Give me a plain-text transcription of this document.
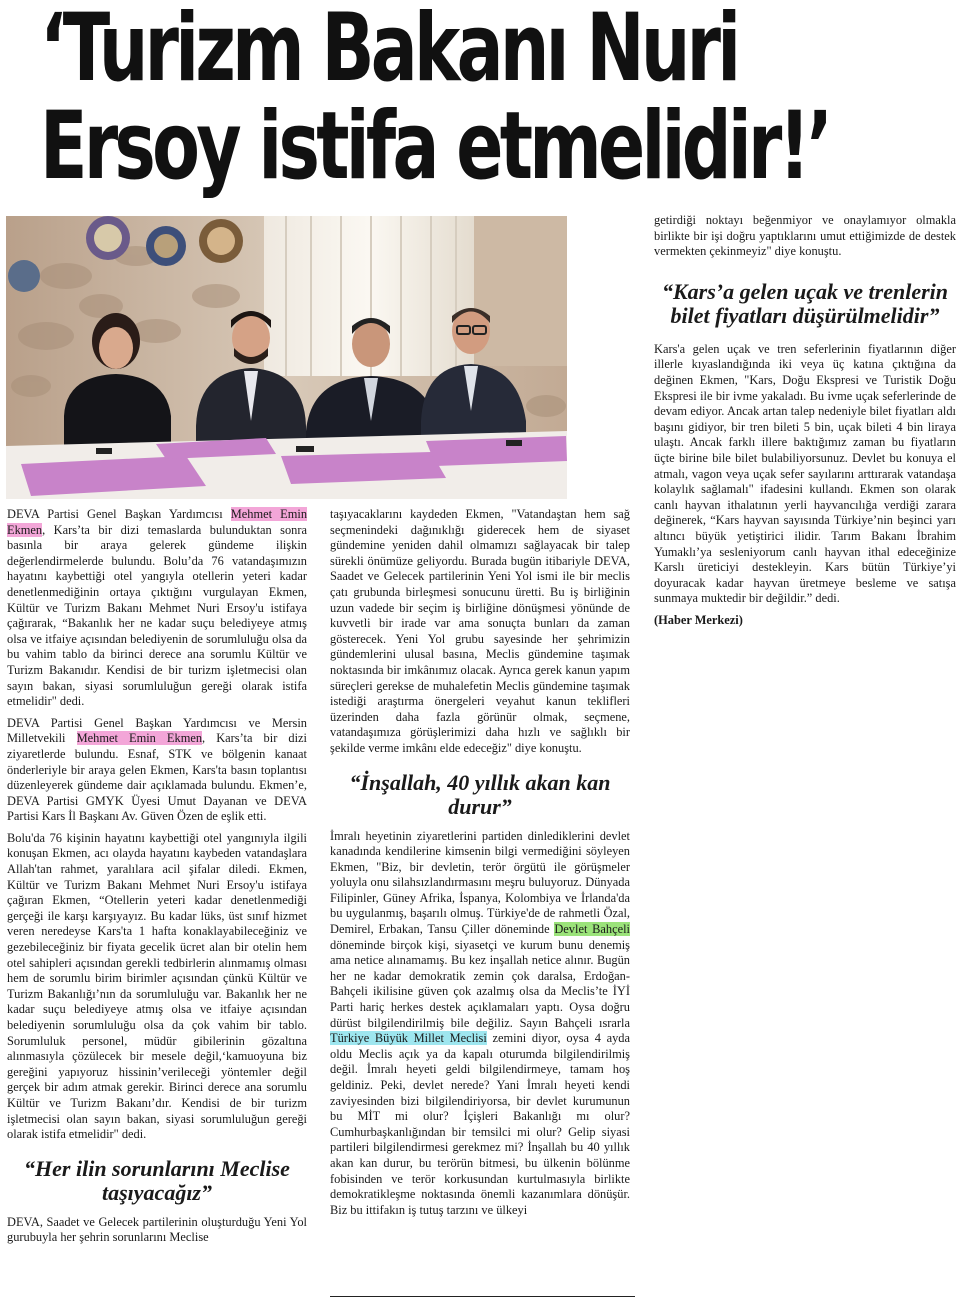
‘Turizm Bakanı Nuri
Ersoy istifa etmelidir!’

DEVA Partisi Genel Başkan Yardımcısı Mehmet Emin Ekmen, Kars’ta bir dizi temaslarda bulunduktan sonra basınla bir araya gelerek gündeme ilişkin değerlendirmelerde bulundu. Bolu’da 76 vatandaşımızın hayatını kaybettiği otel yangıyla otellerin yeteri kadar denetlenmediğinin ortaya çıktığını vurgulayan Ekmen, Kültür ve Turizm Bakanı Mehmet Nuri Ersoy'u istifaya çağırarak, “Bakanlık her ne kadar suçu belediyeye atmış olsa ve itfaiye açısından belediyenin de sorumluluğu olsa da bu vahim tablo da birinci derece ana sorumlu Kültür ve Turizm Bakanıdır. Kendisi de bir turizm işletmecisi olan sayın bakan, siyasi sorumluluğun gereği olarak istifa etmelidir" dedi.

DEVA Partisi Genel Başkan Yardımcısı ve Mersin Milletvekili Mehmet Emin Ekmen, Kars’ta bir dizi ziyaretlerde bulundu. Esnaf, STK ve bölgenin kanaat önderleriyle bir araya gelen Ekmen, Kars'ta basın toplantısı düzenleyerek gündeme dair açıklamada bulundu. Ekmen’e, DEVA Partisi GMYK Üyesi Umut Dayanan ve DEVA Partisi Kars İl Başkanı Av. Güven Özen de eşlik etti.

Bolu'da 76 kişinin hayatını kaybettiği otel yangınıyla ilgili konuşan Ekmen, acı olayda hayatını kaybeden vatandaşlara Allah'tan rahmet, yaralılara acil şifalar diledi. Ekmen, Kültür ve Turizm Bakanı Mehmet Nuri Ersoy'u istifaya çağıran Ekmen, “Otellerin yeteri kadar denetlenmediği gerçeği ile karşı karşıyayız. Bu kadar lüks, üst sınıf hizmet veren neredeyse Kars'ta 1 hafta konaklayabileceğiniz ve gezebileceğiniz bir fiyata gecelik ücret alan bir otelin hem otel sahipleri açısından gerekli tedbirlerin alınmamış olması hem de sorumlu birim birimler açısından çünkü Kültür ve Turizm Bakanlığı’nın da sorumluluğu var. Bakanlık her ne kadar suçu belediyeye atmış olsa ve itfaiye açısından belediyenin sorumluluğu olsa da çok vahim bir tablo. Sorumluluk personel, müdür gibilerinin gözaltına alınmasıyla çözülecek bir mesele değil,‘kamuoyuna biz gereğini yapıyoruz hissinin’verileceği yöntemler değil gerçek bir adım atmak gerekir. Birinci derece ana sorumlu Kültür ve Turizm Bakanı’dır. Kendisi de bir turizm işletmecisi olan sayın bakan, siyasi sorumluluğun gereği olarak istifa etmelidir" dedi.

“Her ilin sorunlarını Meclise taşıyacağız”

DEVA, Saadet ve Gelecek partilerinin oluşturduğu Yeni Yol gurubuyla her şehrin sorunlarını Meclise

taşıyacaklarını kaydeden Ekmen, "Vatandaştan hem sağ seçmenindeki dağınıklığı giderecek hem de siyaset gündemine yeniden dahil olmamızı sağlayacak bir talep sürekli önümüze geliyordu. Burada bugün itibariyle DEVA, Saadet ve Gelecek partilerinin Yeni Yol ismi ile bir meclis çatı grubunda birleşmesi sonucunu üretti. Bu iş birliğinin uzun vadede bir seçim iş birliğine dönüşmesi yönünde de kuvvetli bir irade var ama sonuçta bunları da zaman gösterecek. Yeni Yol grubu sayesinde her şehrimizin gündemlerini ulusal basına, Meclis gündemine taşımak noktasında bir imkânımız olacak. Ayrıca gerek kanun yapım süreçleri gerekse de muhalefetin Meclis gündemine taşımak istediği araştırma önergeleri veyahut kanun teklifleri üzerinden daha fazla görünür olmak, seçmene, vatandaşımıza görüşlerimizi daha hızlı ve sağlıklı bir şekilde verme imkânı elde edeceğiz" diye konuştu.

“İnşallah, 40 yıllık akan kan durur”

İmralı heyetinin ziyaretlerini partiden dinlediklerini devlet kanadında kendilerine kimsenin bilgi vermediğini söyleyen Ekmen, "Biz, bir devletin, terör örgütü ile görüşmeler yoluyla onu silahsızlandırmasını meşru buluyoruz. Dünyada Filipinler, Güney Afrika, İspanya, Kolombiya ve İrlanda'da bu uygulanmış, başarılı olmuş. Türkiye'de de rahmetli Özal, Demirel, Erbakan, Tansu Çiller döneminde Devlet Bahçeli döneminde birçok kişi, siyasetçi ve kurum bunu denemiş ama netice alınamamış. Bu kez inşallah netice alınır. Bugün her ne kadar demokratik zemin çok daralsa, Erdoğan-Bahçeli ikilisine güven çok azalmış olsa da Meclis’te İYİ Parti hariç herkes destek açıklamaları yaptı. Oysa doğru dürüst bilgilendirilmiş bile değiliz. Sayın Bahçeli ısrarla Türkiye Büyük Millet Meclisi zemini diyor, oysa 4 ayda oldu Meclis açık ya da kapalı oturumda bilgilendirilmiş değil. İmralı heyeti geldi bilgilendirmeye, tamam hoş geldiniz. Peki, devlet nerede? Yani İmralı heyeti kendi zaviyesinden bizi bilgilendiriyorsa, bir devlet kurumunun bu MİT mi olur? İçişleri Bakanlığı mı olur? Cumhurbaşkanlığından bir temsilci mi olur? Gelip siyasi partileri bilgilendirmesi gerekmez mi? İnşallah bu 40 yıllık akan kan durur, bu terörün bitmesi, bu ülkenin bölünme fobisinden ve terör korkusundan kurtulmasıyla birlikte demokratikleşme noktasında önemli kazanımlara dönüşür. Biz bu ittifakın iş tutuş tarzını ve ülkeyi

getirdiği noktayı beğenmiyor ve onaylamıyor olmakla birlikte bir işi doğru yaptıklarını umut ettiğimizde de destek vermekten çekinmeyiz" diye konuştu.

“Kars’a gelen uçak ve trenlerin bilet fiyatları düşürülmelidir”

Kars'a gelen uçak ve tren seferlerinin fiyatlarının diğer illerle kıyaslandığında iki veya üç katına çıktığına da değinen Ekmen, "Kars, Doğu Ekspresi ve Turistik Doğu Ekspresi ile bir ivme yakaladı. Bu ivme uçak seferlerinde de devam ediyor. Ancak artan talep nedeniyle bilet fiyatları aldı başını gidiyor, bir tren bileti 5 bin, uçak bileti 4 bin liraya ulaştı. Ancak farklı illere baktığımız zaman bu fiyatların üçte birine bile bilet bulabiliyorsunuz. Devlet bu konuya el atmalı, vagon veya uçak sefer sayılarını arttırarak vatandaşa kolaylık sağlamalı" ifadesini kullandı. Ekmen son olarak canlı hayvan ithalatının yerli hayvancılığa verdiği zarara değinerek, “Kars hayvan sayısında Türkiye’nin beşinci yarı altıncı büyük yetiştirici ilidir. Tarım Bakanı İbrahim Yumaklı’ya sesleniyorum canlı hayvan ithal edeceğinize Karslı üreticiyi destekleyin. Kars bütün Türkiye’yi doyuracak kadar hayvan üretmeye besleme ve satışa sunmaya muktedir bir değildir.” dedi.

(Haber Merkezi)
